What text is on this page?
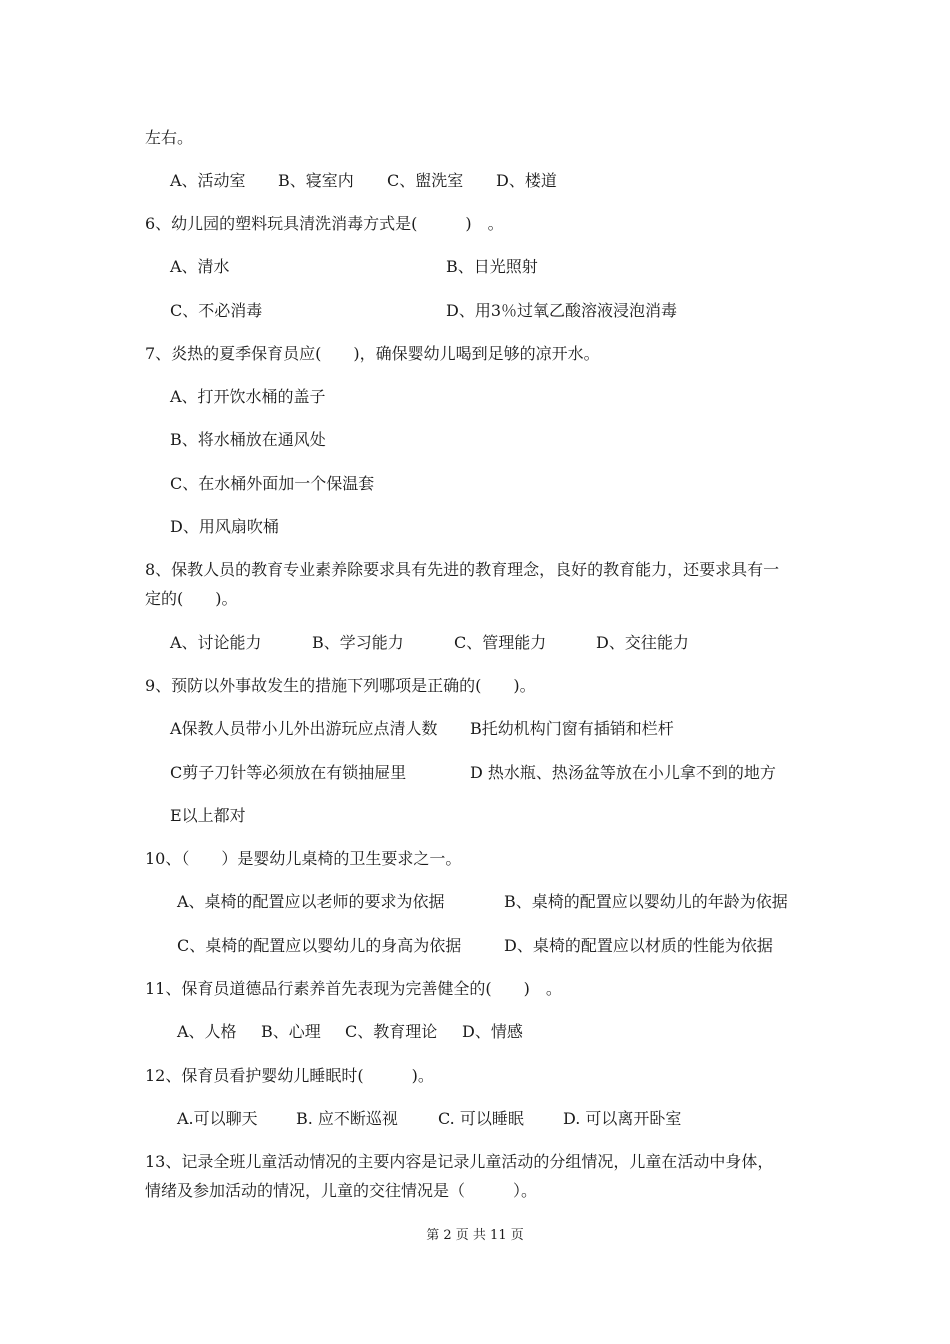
左右。
A、活动室 B、寝室内 C、盥洗室 D、楼道
6、幼儿园的塑料玩具清洗消毒方式是(　　　)　。
A、清水	B、日光照射
C、不必消毒	D、用3％过氧乙酸溶液浸泡消毒
7、炎热的夏季保育员应(　　)，确保婴幼儿喝到足够的凉开水。
A、打开饮水桶的盖子
B、将水桶放在通风处
C、在水桶外面加一个保温套
D、用风扇吹桶
8、保教人员的教育专业素养除要求具有先进的教育理念，良好的教育能力，还要求具有一
定的(　　)。
A、讨论能力	B、学习能力	C、管理能力	D、交往能力
9、预防以外事故发生的措施下列哪项是正确的(　　)。
A保教人员带小儿外出游玩应点清人数 B托幼机构门窗有插销和栏杆
C剪子刀针等必须放在有锁抽屉里	D 热水瓶、热汤盆等放在小儿拿不到的地方
E以上都对
10、（　　）是婴幼儿桌椅的卫生要求之一。
A、桌椅的配置应以老师的要求为依据	B、桌椅的配置应以婴幼儿的年龄为依据
C、桌椅的配置应以婴幼儿的身高为依据	D、桌椅的配置应以材质的性能为依据
11、保育员道德品行素养首先表现为完善健全的(　　)　。
A、人格 B、心理 C、教育理论 D、情感
12、保育员看护婴幼儿睡眠时(　　　)。
A.可以聊天 B. 应不断巡视	C. 可以睡眠 D. 可以离开卧室
13、记录全班儿童活动情况的主要内容是记录儿童活动的分组情况，儿童在活动中身体，
情绪及参加活动的情况，儿童的交往情况是（　　　）。
第 2 页 共 11 页
